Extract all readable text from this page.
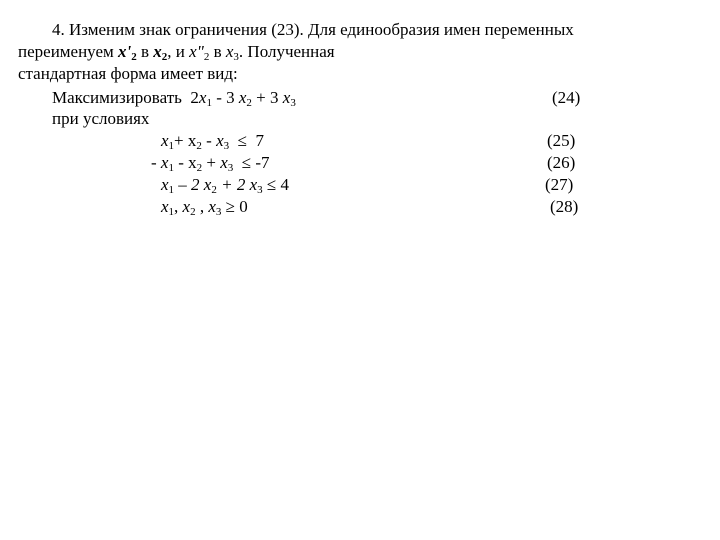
4. Изменим знак ограничения (23). Для единообразия имен переменных
переименуем $x'_2$ в $x_2$, и $x"_2$ в $x_3$. Полученная
стандартная форма имеет вид:
Максимизировать $2x_1 - 3$ $x_2 + 3$ $x_3$	(24)
при условиях
$x_1+ x_2 - x_3 \le 7$	(25)
- $x_1 - x_2 + x_3 \le -7$	(26)
$x_1 - 2$ $x_2 + 2$ $x_3 \le 4$	(27)
$x_1$, $x_2$ , $x_3 \ge 0$	(28)
